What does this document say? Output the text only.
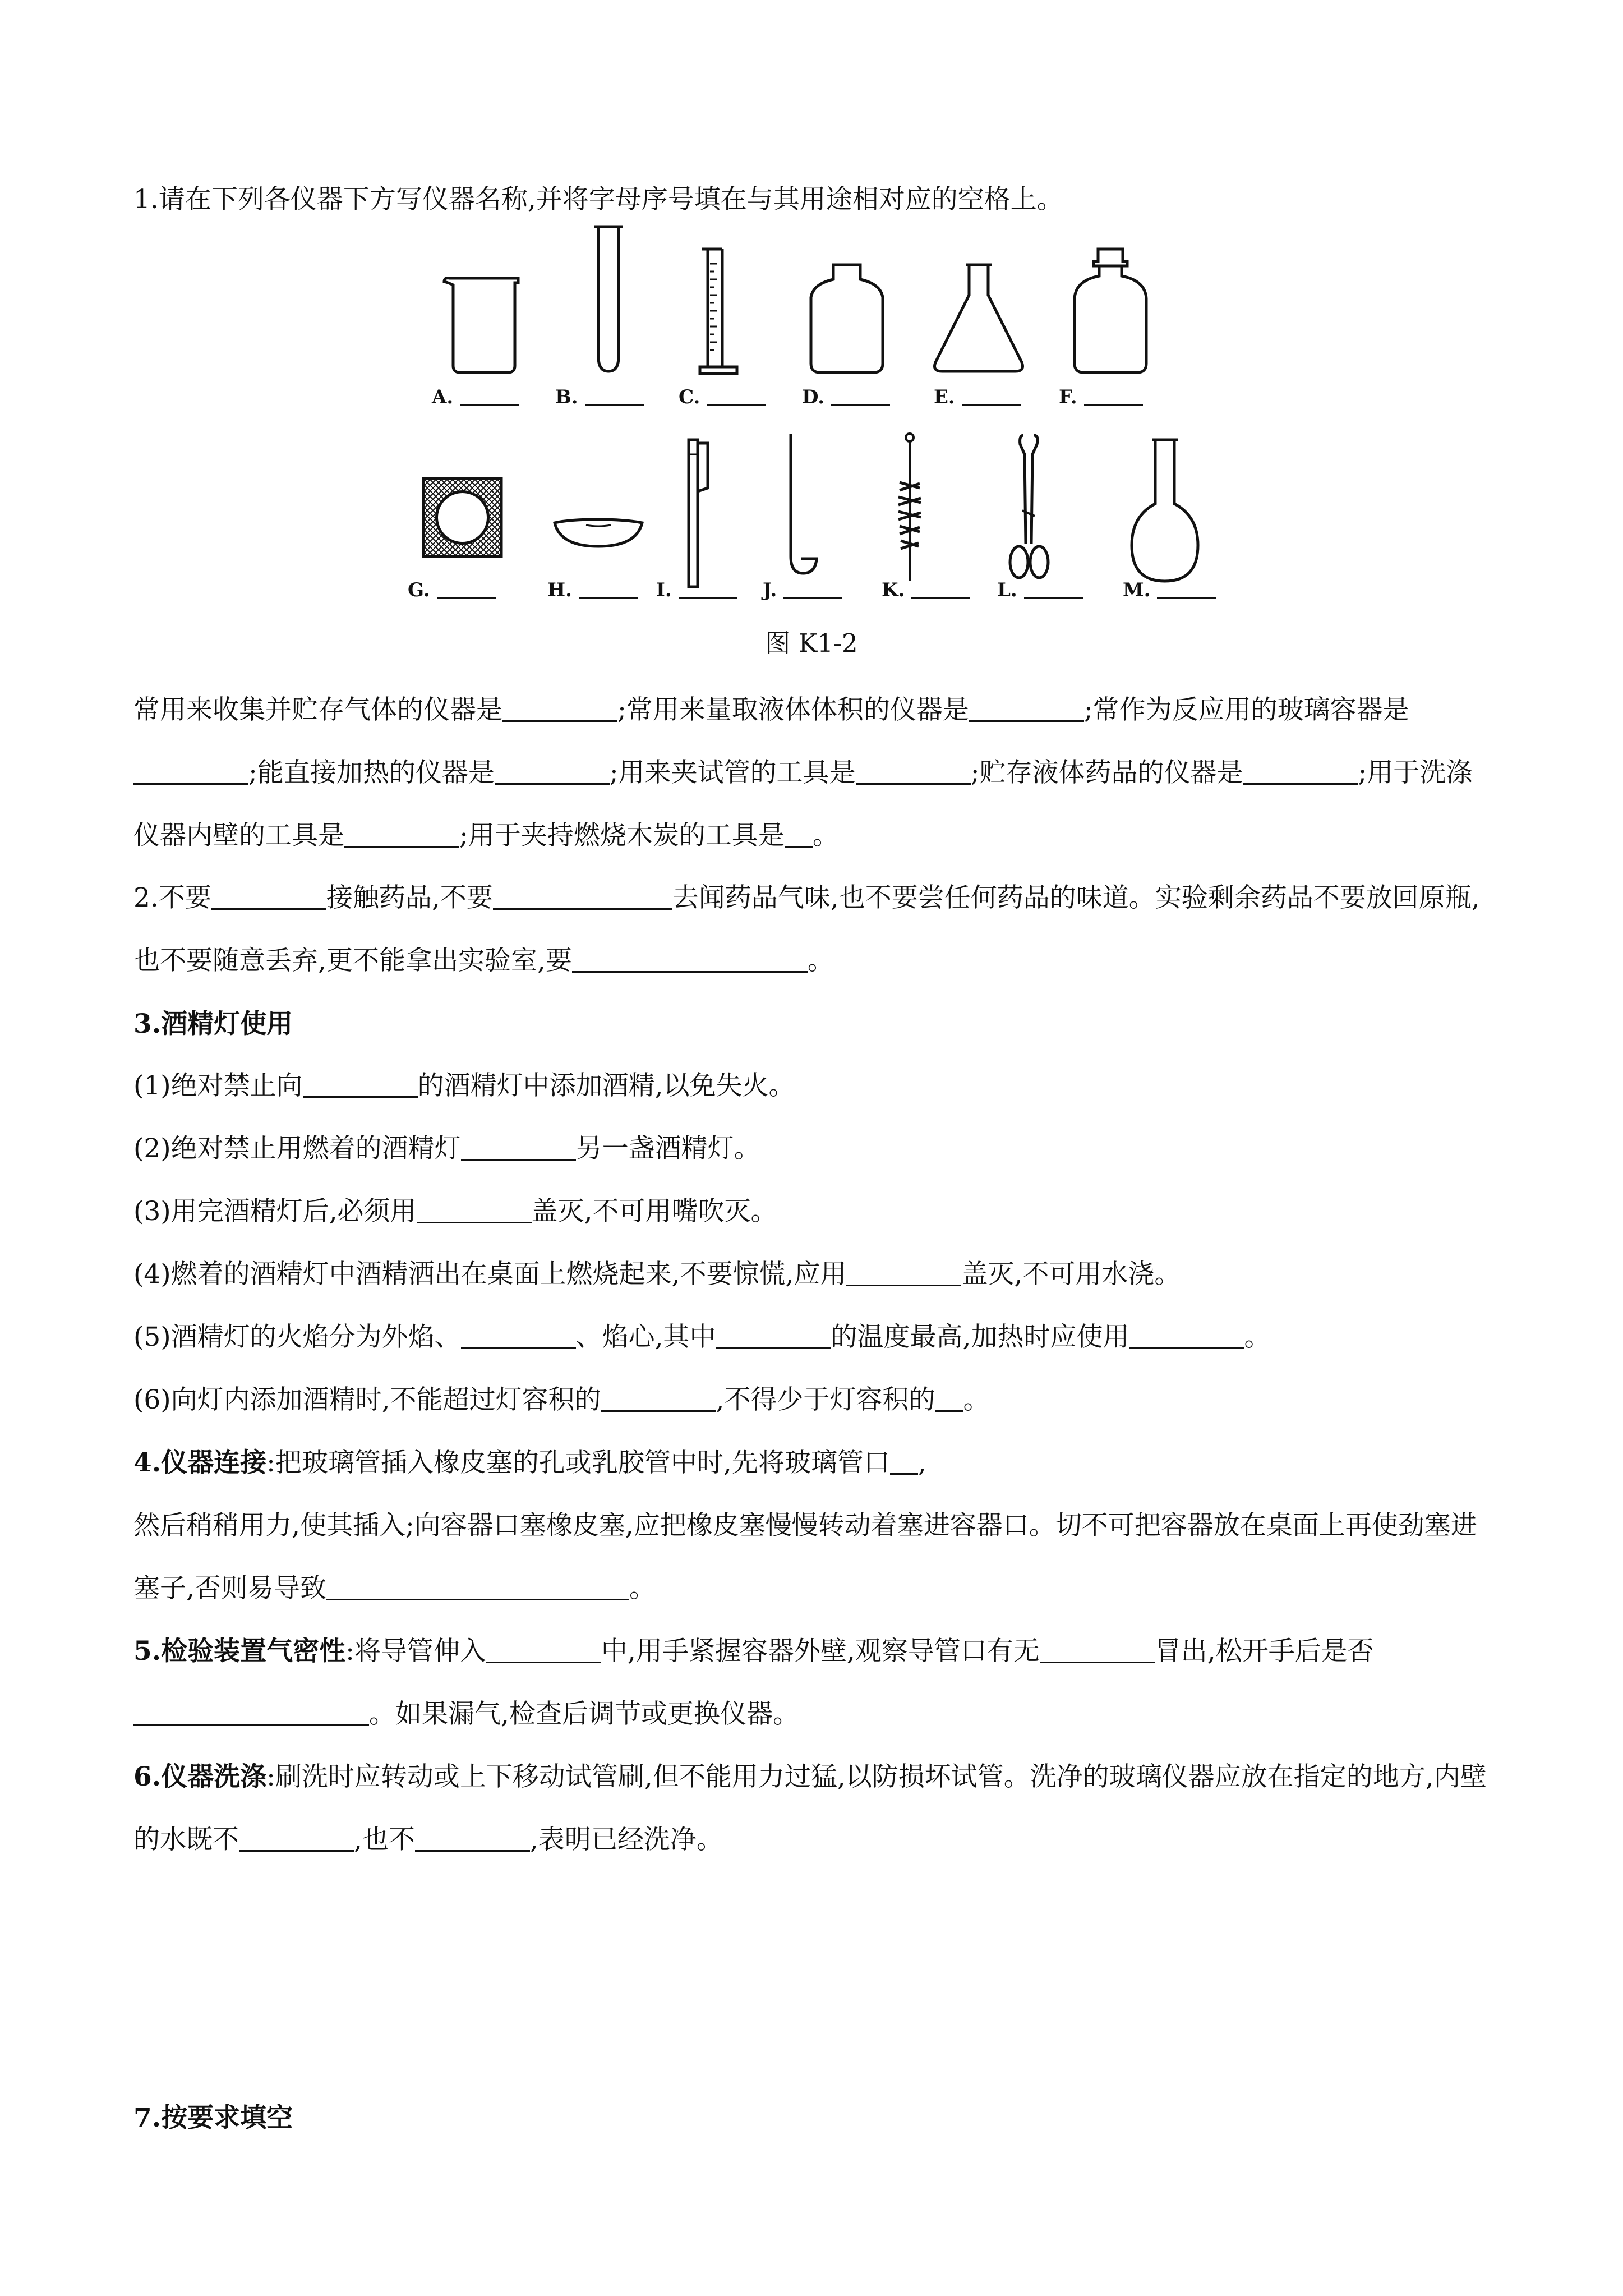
1.请在下列各仪器下方写仪器名称,并将字母序号填在与其用途相对应的空格上。

A.	B.	C.	D.	E.	F.
G.	H.	I.	J.	K.	L.	M.
图 K1-2

常用来收集并贮存气体的仪器是	;常用来量取液体体积的仪器是	;常作为反应用的玻璃容器是;能直接加热的仪器是	;用来夹试管的工具是	;贮存液体药品的仪器是	;用于洗涤仪器内壁的工具是	;用于夹持燃烧木炭的工具是 。

2.不要	接触药品,不要	去闻药品气味,也不要尝任何药品的味道。实验剩余药品不要放回原瓶,也不要随意丢弃,更不能拿出实验室,要	。

3.酒精灯使用

(1)绝对禁止向	的酒精灯中添加酒精,以免失火。

(2)绝对禁止用燃着的酒精灯	另一盏酒精灯。

(3)用完酒精灯后,必须用	盖灭,不可用嘴吹灭。

(4)燃着的酒精灯中酒精洒出在桌面上燃烧起来,不要惊慌,应用	盖灭,不可用水浇。

(5)酒精灯的火焰分为外焰、	、焰心,其中	的温度最高,加热时应使用	。

(6)向灯内添加酒精时,不能超过灯容积的	,不得少于灯容积的 。

4.仪器连接:把玻璃管插入橡皮塞的孔或乳胶管中时,先将玻璃管口 ,

然后稍稍用力,使其插入;向容器口塞橡皮塞,应把橡皮塞慢慢转动着塞进容器口。切不可把容器放在桌面上再使劲塞进塞子,否则易导致	。

5.检验装置气密性:将导管伸入	中,用手紧握容器外壁,观察导管口有无	冒出,松开手后是否。如果漏气,检查后调节或更换仪器。

6.仪器洗涤:刷洗时应转动或上下移动试管刷,但不能用力过猛,以防损坏试管。洗净的玻璃仪器应放在指定的地方,内壁的水既不	,也不	,表明已经洗净。

7.按要求填空
